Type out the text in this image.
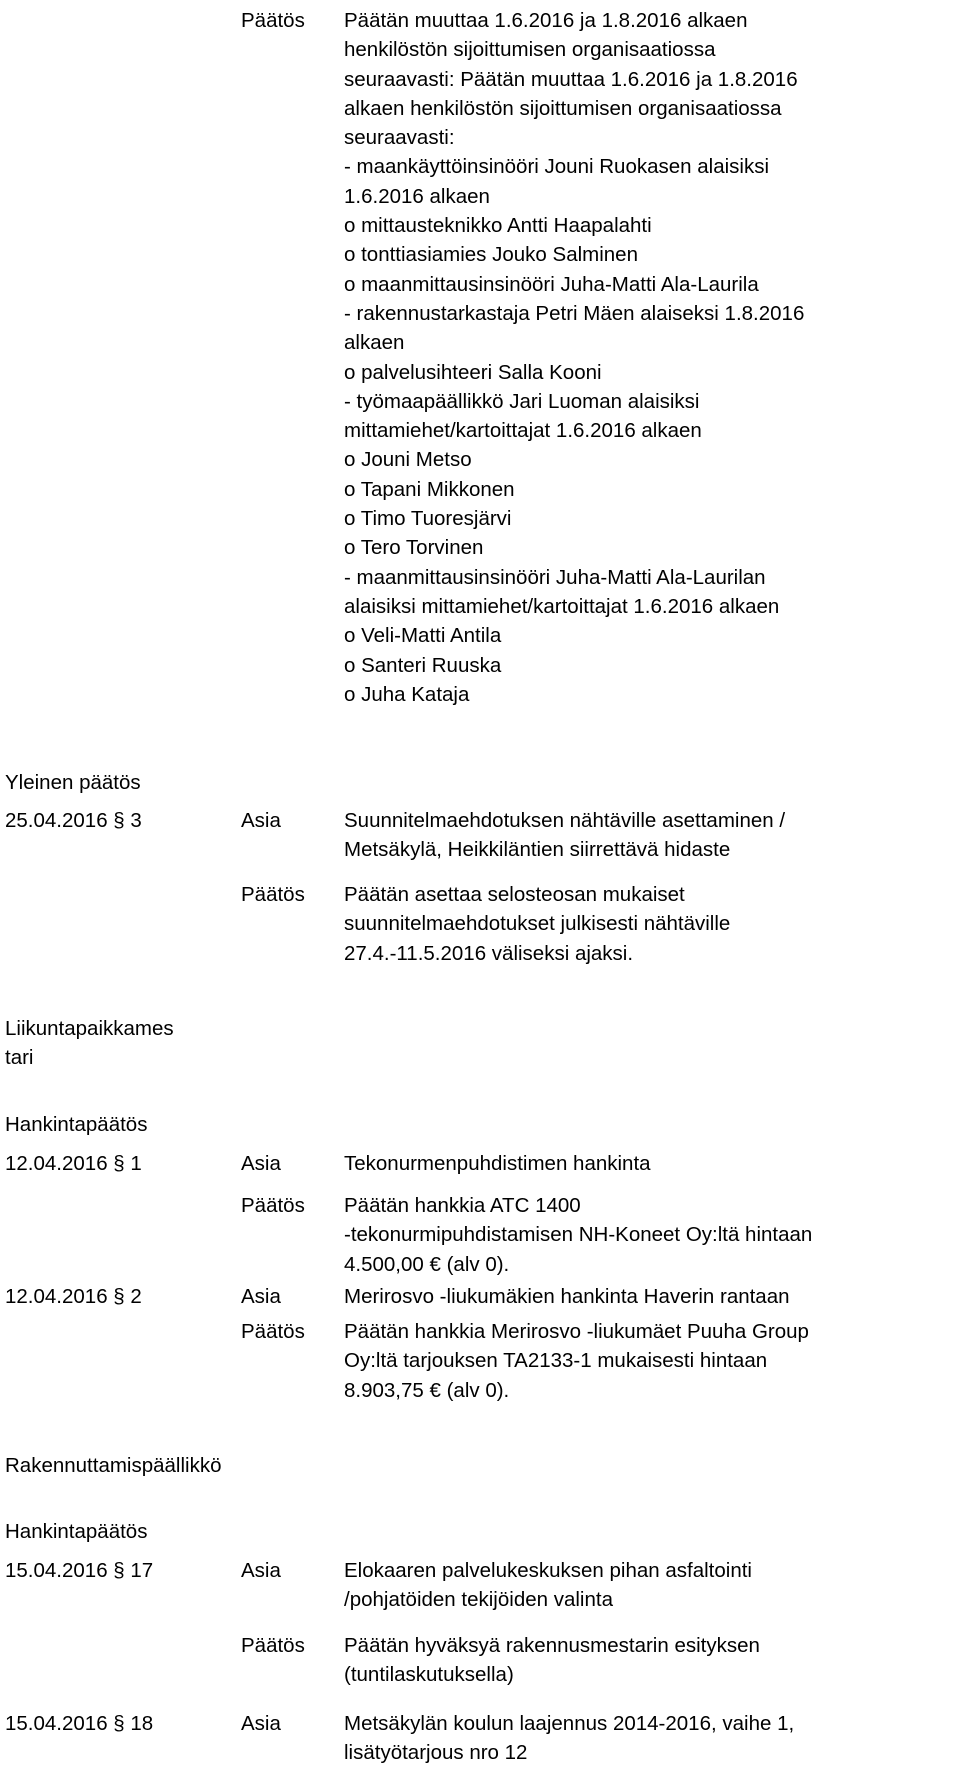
Päätös Päätän muuttaa 1.6.2016 ja 1.8.2016 alkaen
henkilöstön sijoittumisen organisaatiossa
seuraavasti: Päätän muuttaa 1.6.2016 ja 1.8.2016
alkaen henkilöstön sijoittumisen organisaatiossa
seuraavasti:
- maankäyttöinsinööri Jouni Ruokasen alaisiksi
1.6.2016 alkaen
o mittausteknikko Antti Haapalahti
o tonttiasiamies Jouko Salminen
o maanmittausinsinööri Juha-Matti Ala-Laurila
- rakennustarkastaja Petri Mäen alaiseksi 1.8.2016
alkaen
o palvelusihteeri Salla Kooni
- työmaapäällikkö Jari Luoman alaisiksi
mittamiehet/kartoittajat 1.6.2016 alkaen
o Jouni Metso
o Tapani Mikkonen
o Timo Tuoresjärvi
o Tero Torvinen
- maanmittausinsinööri Juha-Matti Ala-Laurilan
alaisiksi mittamiehet/kartoittajat 1.6.2016 alkaen
o Veli-Matti Antila
o Santeri Ruuska
o Juha Kataja
Yleinen päätös
25.04.2016 § 3	Asia	Suunnitelmaehdotuksen nähtäville asettaminen /
Metsäkylä, Heikkiläntien siirrettävä hidaste
Päätös Päätän asettaa selosteosan mukaiset
suunnitelmaehdotukset julkisesti nähtäville
27.4.-11.5.2016 väliseksi ajaksi.
Liikuntapaikkames
tari
Hankintapäätös
12.04.2016 § 1	Asia	Tekonurmenpuhdistimen hankinta
Päätös Päätän hankkia ATC 1400
-tekonurmipuhdistamisen NH-Koneet Oy:ltä hintaan
4.500,00 € (alv 0).
12.04.2016 § 2	Asia	Merirosvo -liukumäkien hankinta Haverin rantaan
Päätös Päätän hankkia Merirosvo -liukumäet Puuha Group
Oy:ltä tarjouksen TA2133-1 mukaisesti hintaan
8.903,75 € (alv 0).
Rakennuttamispäällikkö
Hankintapäätös
15.04.2016 § 17	Asia	Elokaaren palvelukeskuksen pihan asfaltointi
/pohjatöiden tekijöiden valinta
Päätös Päätän hyväksyä rakennusmestarin esityksen
(tuntilaskutuksella)
15.04.2016 § 18	Asia	Metsäkylän koulun laajennus 2014-2016, vaihe 1,
lisätyötarjous nro 12
